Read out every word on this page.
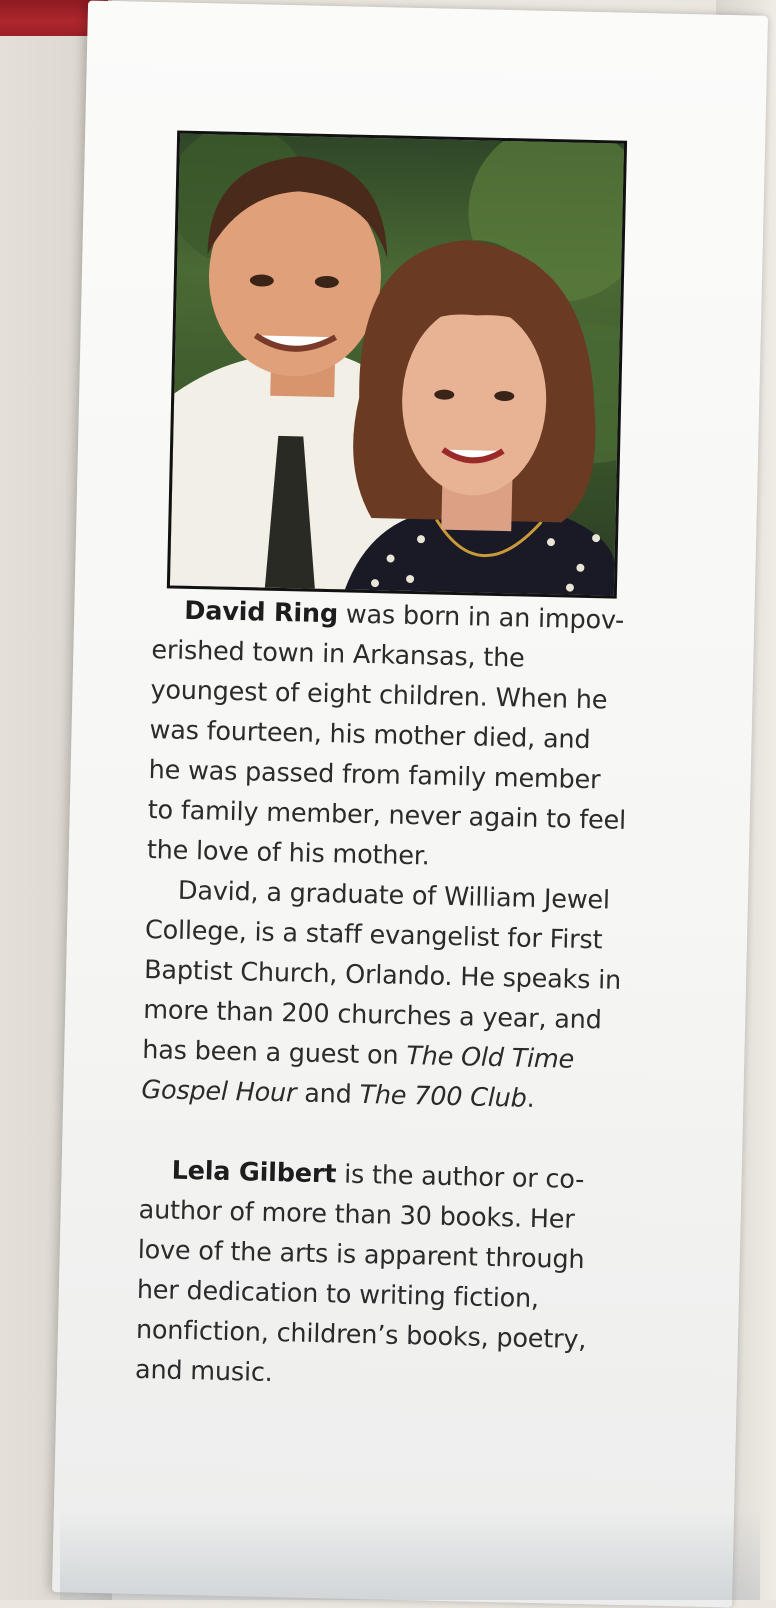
David Ring was born in an impov- erished town in Arkansas, the youngest of eight children. When he was fourteen, his mother died, and he was passed from family member to family member, never again to feel the love of his mother.

David, a graduate of William Jewel College, is a staff evangelist for First Baptist Church, Orlando. He speaks in more than 200 churches a year, and has been a guest on The Old Time Gospel Hour and The 700 Club.

Lela Gilbert is the author or co- author of more than 30 books. Her love of the arts is apparent through her dedication to writing fiction, nonfiction, children’s books, poetry, and music.
